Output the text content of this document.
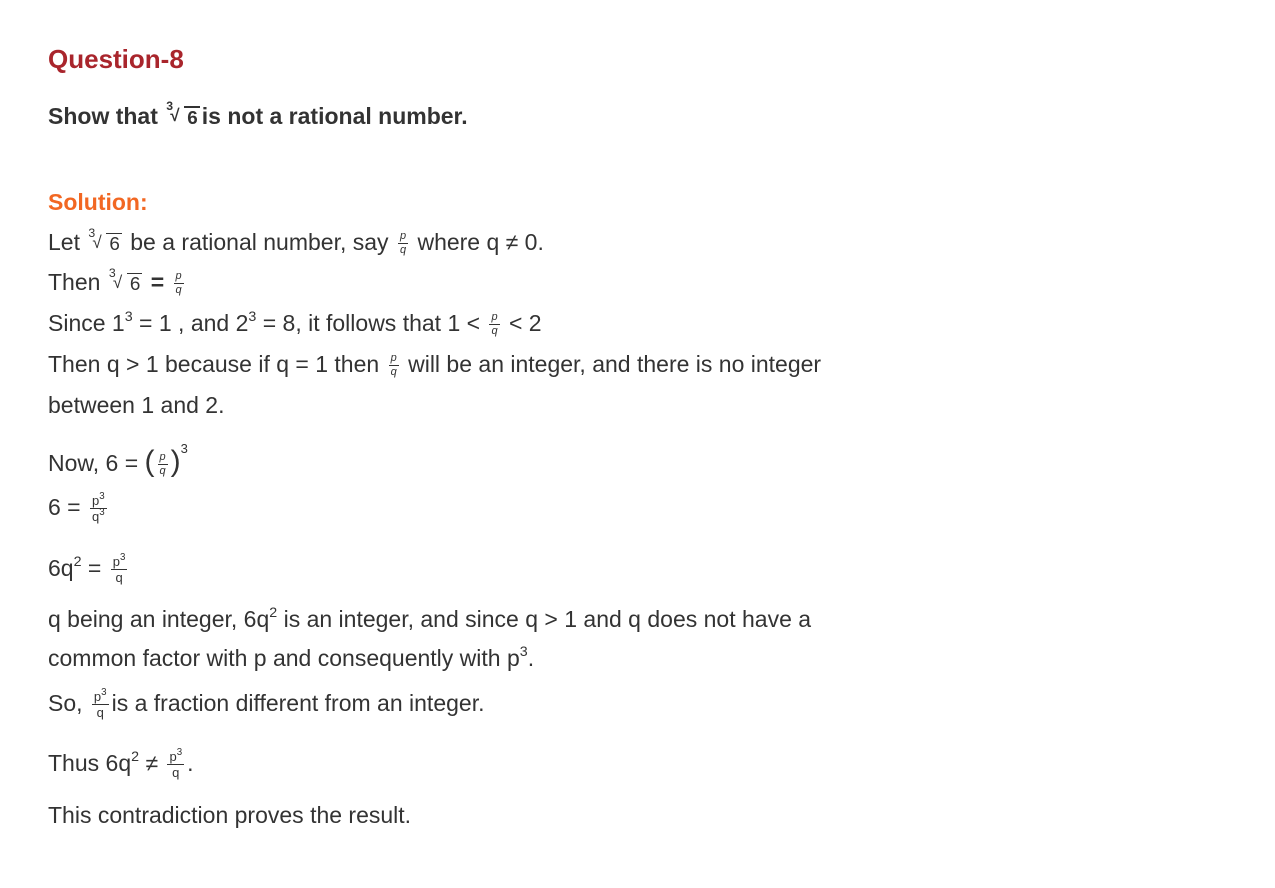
Question-8
Show that 3
√ 6 is not a rational number.
Solution:
Let 3
√ 6 be a rational number, say $\frac{p}{q}$ where q ≠ 0.
Then 3
√ $6 = \frac{p}{q}$
Since $1^3 = 1$ , and $2^3 = 8$, it follows that $1 < \frac{p}{q} < 2$
Then q > 1 because if q = 1 then $\frac{p}{q}$ will be an integer, and there is no integer
between 1 and 2.
Now, 6 = ( $\frac{p}{q} )^3$
$6 = \frac{p^3}{q^3}$
$6q^2 = \frac{p^3}{q}$
q being an integer, $6q^2$ is an integer, and since q > 1 and q does not have a
common factor with p and consequently with $p^3$.
So, $\frac{p^3}{q}$ is a fraction different from an integer.
Thus $6q^2 \ne \frac{p^3}{q}$ .
This contradiction proves the result.
